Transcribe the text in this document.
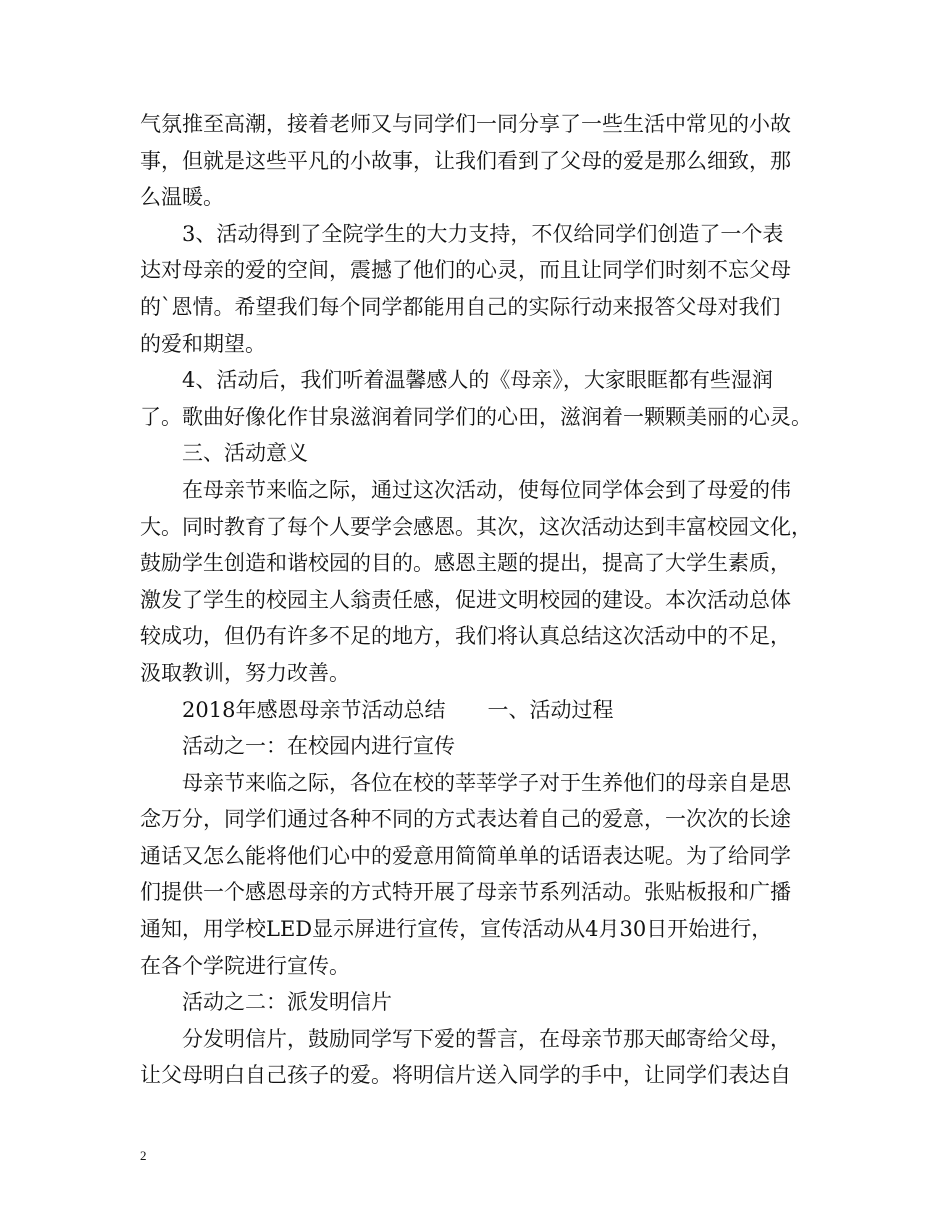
气氛推至高潮，接着老师又与同学们一同分享了一些生活中常见的小故
事，但就是这些平凡的小故事，让我们看到了父母的爱是那么细致，那
么温暖。
3、活动得到了全院学生的大力支持，不仅给同学们创造了一个表
达对母亲的爱的空间，震撼了他们的心灵，而且让同学们时刻不忘父母
的`恩情。希望我们每个同学都能用自己的实际行动来报答父母对我们
的爱和期望。
4、活动后，我们听着温馨感人的《母亲》，大家眼眶都有些湿润
了。歌曲好像化作甘泉滋润着同学们的心田，滋润着一颗颗美丽的心灵。
三、活动意义
在母亲节来临之际，通过这次活动，使每位同学体会到了母爱的伟
大。同时教育了每个人要学会感恩。其次，这次活动达到丰富校园文化，
鼓励学生创造和谐校园的目的。感恩主题的提出，提高了大学生素质，
激发了学生的校园主人翁责任感，促进文明校园的建设。本次活动总体
较成功，但仍有许多不足的地方，我们将认真总结这次活动中的不足，
汲取教训，努力改善。
2018年感恩母亲节活动总结　　一、活动过程
活动之一：在校园内进行宣传
母亲节来临之际，各位在校的莘莘学子对于生养他们的母亲自是思
念万分，同学们通过各种不同的方式表达着自己的爱意，一次次的长途
通话又怎么能将他们心中的爱意用简简单单的话语表达呢。为了给同学
们提供一个感恩母亲的方式特开展了母亲节系列活动。张贴板报和广播
通知，用学校LED显示屏进行宣传，宣传活动从4月30日开始进行，
在各个学院进行宣传。
活动之二：派发明信片
分发明信片，鼓励同学写下爱的誓言，在母亲节那天邮寄给父母，
让父母明白自己孩子的爱。将明信片送入同学的手中，让同学们表达自
2
